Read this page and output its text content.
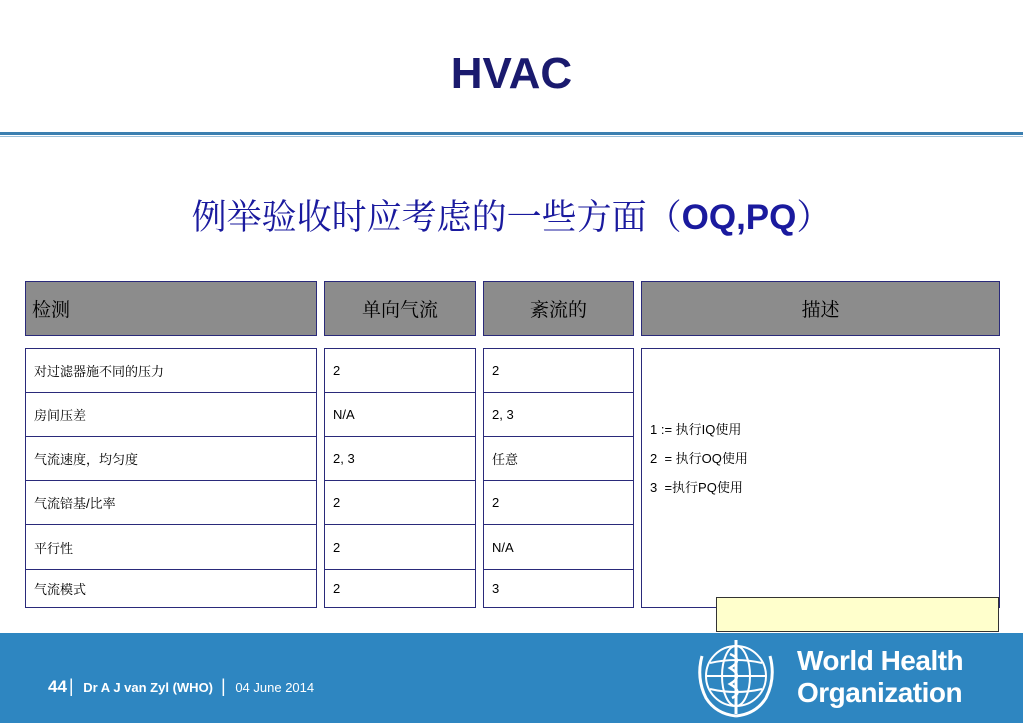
HVAC
例举验收时应考虑的一些方面（OQ,PQ）
检测	单向气流	紊流的	描述
对过滤器施不同的压力	2	2
房间压差	N/A	2, 3
气流速度，均匀度	2, 3	任意
气流锫基/比率	2	2
平行性	2	N/A
气流模式	2	3
1 := 执行IQ使用
2  = 执行OQ使用
3  =执行PQ使用
44 | Dr A J van Zyl (WHO) | 04 June 2014
World Health
Organization
